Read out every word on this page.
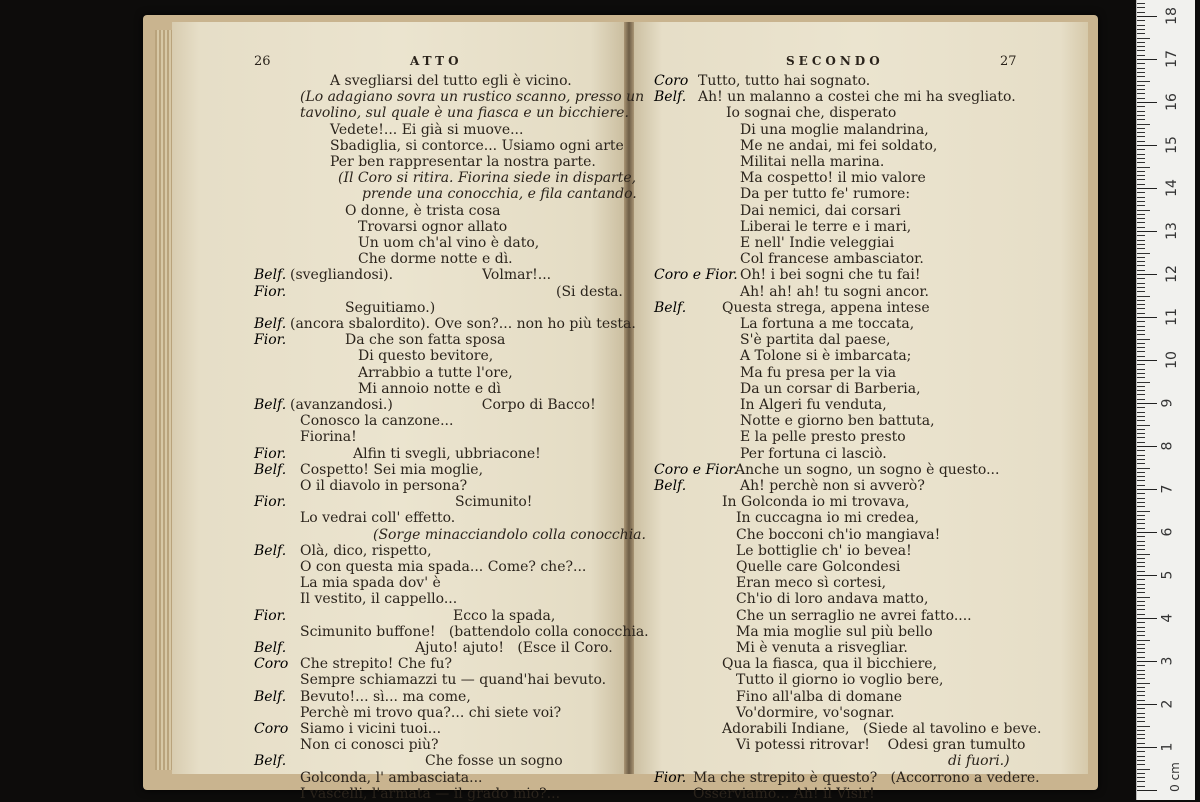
26	ATTO	SECONDO	27
A svegliarsi del tutto egli è vicino.
(Lo adagiano sovra un rustico scanno, presso un
tavolino, sul quale è una fiasca e un bicchiere.
Vedete!... Ei già si muove...
Sbadiglia, si contorce... Usiamo ogni arte
Per ben rappresentar la nostra parte.
(Il Coro si ritira. Fiorina siede in disparte,
prende una conocchia, e fila cantando.
O donne, è trista cosa
Trovarsi ognor allato
Un uom ch'al vino è dato,
Che dorme notte e dì.
Belf. (svegliandosi).                    Volmar!...
Fior.	(Si desta.
Seguitiamo.)
Belf. (ancora sbalordito). Ove son?... non ho più testa.
Fior.	Da che son fatta sposa
Di questo bevitore,
Arrabbio a tutte l'ore,
Mi annoio notte e dì
Belf. (avanzandosi.)                    Corpo di Bacco!
Conosco la canzone...
Fiorina!
Fior.	Alfin ti svegli, ubbriacone!
Belf. Cospetto! Sei mia moglie,
O il diavolo in persona?
Fior.	Scimunito!
Lo vedrai coll' effetto.
(Sorge minacciandolo colla conocchia.
Belf. Olà, dico, rispetto,
O con questa mia spada... Come? che?...
La mia spada dov' è
Il vestito, il cappello...
Fior.	Ecco la spada,
Scimunito buffone!   (battendolo colla conocchia.
Belf.	Ajuto! ajuto!   (Esce il Coro.
Coro Che strepito! Che fu?
Sempre schiamazzi tu — quand'hai bevuto.
Belf. Bevuto!... sì... ma come,
Perchè mi trovo qua?... chi siete voi?
Coro Siamo i vicini tuoi...
Non ci conosci più?
Belf.	Che fosse un sogno
Golconda, l' ambasciata...
I vascelli, l'armata — il grado mio?...
Coro Tutto, tutto hai sognato.
Belf. Ah! un malanno a costei che mi ha svegliato.
Io sognai che, disperato
Di una moglie malandrina,
Me ne andai, mi fei soldato,
Militai nella marina.
Ma cospetto! il mio valore
Da per tutto fe' rumore:
Dai nemici, dai corsari
Liberai le terre e i mari,
E nell' Indie veleggiai
Col francese ambasciator.
Coro e Fior. Oh! i bei sogni che tu fai!
Ah! ah! ah! tu sogni ancor.
Belf.	Questa strega, appena intese
La fortuna a me toccata,
S'è partita dal paese,
A Tolone si è imbarcata;
Ma fu presa per la via
Da un corsar di Barberia,
In Algeri fu venduta,
Notte e giorno ben battuta,
E la pelle presto presto
Per fortuna ci lasciò.
Coro e Fior.
Anche un sogno, un sogno è questo...
Belf.	Ah! perchè non si avverò?
In Golconda io mi trovava,
In cuccagna io mi credea,
Che bocconi ch'io mangiava!
Le bottiglie ch' io bevea!
Quelle care Golcondesi
Eran meco sì cortesi,
Ch'io di loro andava matto,
Che un serraglio ne avrei fatto....
Ma mia moglie sul più bello
Mi è venuta a risvegliar.
Qua la fiasca, qua il bicchiere,
Tutto il giorno io voglio bere,
Fino all'alba di domane
Vo'dormire, vo'sognar.
Adorabili Indiane,   (Siede al tavolino e beve.
Vi potessi ritrovar!    Odesi gran tumulto
di fuori.)
Fior. Ma che strepito è questo?   (Accorrono a vedere.
Osserviamo... Ah! il Visir!
1
2
3
4
5
6
7
8
9
10
11
12
13
14
15
16
17
18
0 cm
